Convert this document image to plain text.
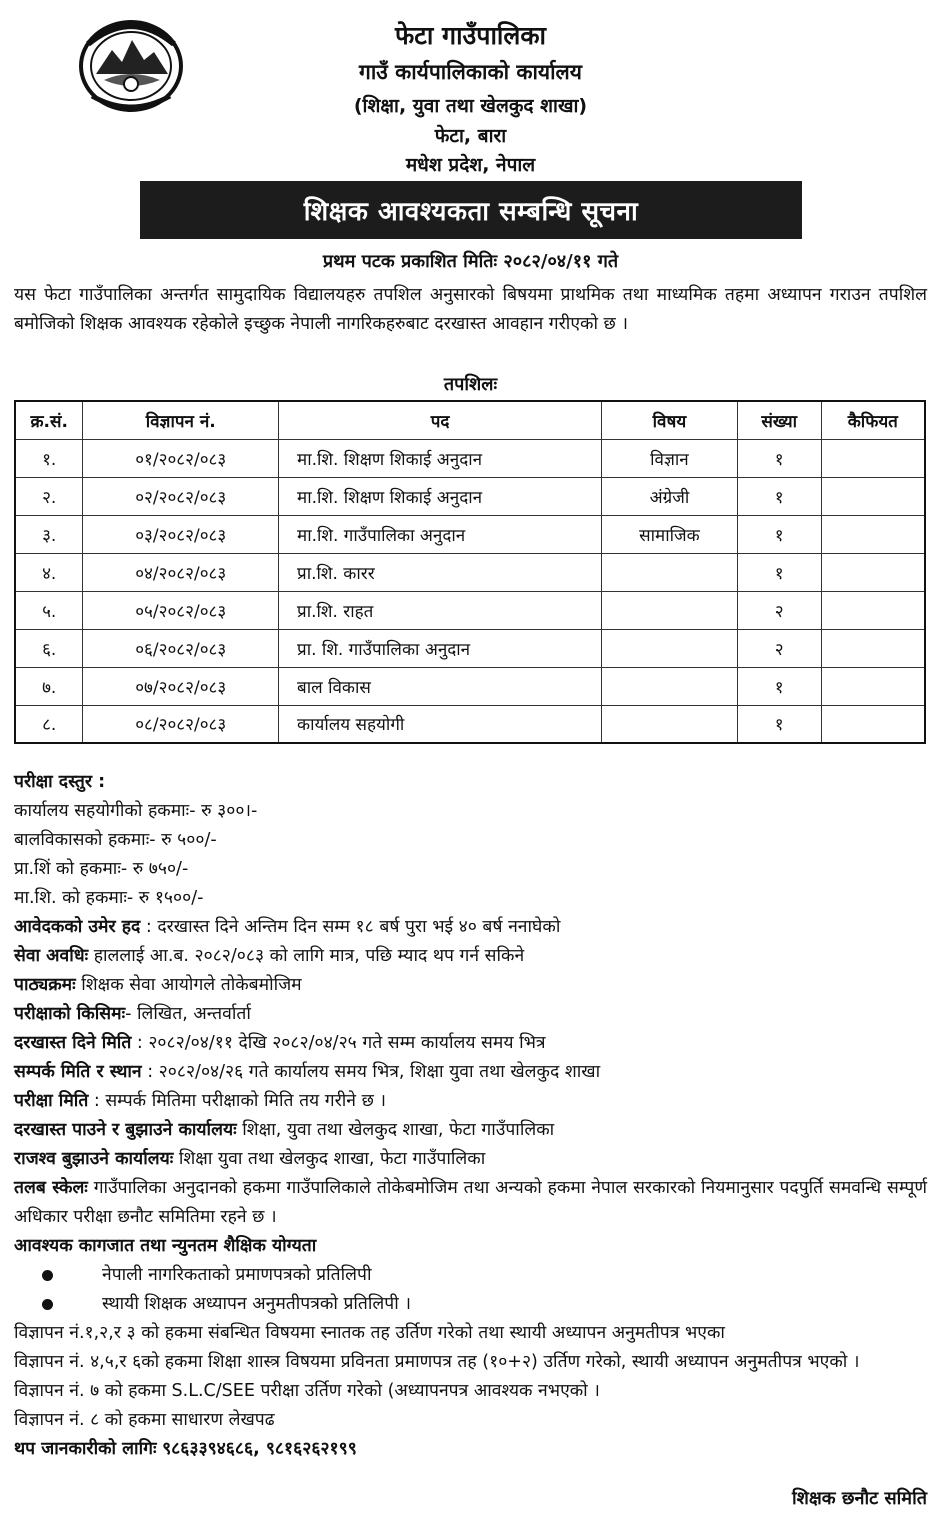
फेटा गाउँपालिका
गाउँ कार्यपालिकाको कार्यालय
(शिक्षा, युवा तथा खेलकुद शाखा)
फेटा, बारा
मधेश प्रदेश, नेपाल
शिक्षक आवश्यकता सम्बन्धि सूचना
प्रथम पटक प्रकाशित मितिः २०८२/०४/११ गते
यस फेटा गाउँपालिका अन्तर्गत सामुदायिक विद्यालयहरु तपशिल अनुसारको बिषयमा प्राथमिक तथा माध्यमिक तहमा अध्यापन गराउन तपशिल बमोजिको शिक्षक आवश्यक रहेकोले इच्छुक नेपाली नागरिकहरुबाट दरखास्त आवहान गरीएको छ ।
तपशिलः
क्र.सं.	विज्ञापन नं.	पद	विषय	संख्या	कैफियत
१.	०१/२०८२/०८३	मा.शि. शिक्षण शिकाई अनुदान	विज्ञान	१	
२.	०२/२०८२/०८३	मा.शि. शिक्षण शिकाई अनुदान	अंग्रेजी	१	
३.	०३/२०८२/०८३	मा.शि. गाउँपालिका अनुदान	सामाजिक	१	
४.	०४/२०८२/०८३	प्रा.शि. कारर		१	
५.	०५/२०८२/०८३	प्रा.शि. राहत		२	
६.	०६/२०८२/०८३	प्रा. शि. गाउँपालिका अनुदान		२	
७.	०७/२०८२/०८३	बाल विकास		१	
८.	०८/२०८२/०८३	कार्यालय सहयोगी		१	
परीक्षा दस्तुर :
कार्यालय सहयोगीको हकमाः- रु ३००।-
बालविकासको हकमाः- रु ५००/-
प्रा.शिं को हकमाः- रु ७५०/-
मा.शि. को हकमाः- रु १५००/-
आवेदकको उमेर हद : दरखास्त दिने अन्तिम दिन सम्म १८ बर्ष पुरा भई ४० बर्ष ननाघेको
सेवा अवधिः हाललाई आ.ब. २०८२/०८३ को लागि मात्र, पछि म्याद थप गर्न सकिने
पाठ्यक्रमः शिक्षक सेवा आयोगले तोकेबमोजिम
परीक्षाको किसिमः- लिखित, अन्तर्वार्ता
दरखास्त दिने मिति : २०८२/०४/११ देखि २०८२/०४/२५ गते सम्म कार्यालय समय भित्र
सम्पर्क मिति र स्थान : २०८२/०४/२६ गते कार्यालय समय भित्र, शिक्षा युवा तथा खेलकुद शाखा
परीक्षा मिति : सम्पर्क मितिमा परीक्षाको मिति तय गरीने छ ।
दरखास्त पाउने र बुझाउने कार्यालयः शिक्षा, युवा तथा खेलकुद शाखा, फेटा गाउँपालिका
राजश्व बुझाउने कार्यालयः शिक्षा युवा तथा खेलकुद शाखा, फेटा गाउँपालिका
तलब स्केलः गाउँपालिका अनुदानको हकमा गाउँपालिकाले तोकेबमोजिम तथा अन्यको हकमा नेपाल सरकारको नियमानुसार पदपुर्ति समवन्धि सम्पूर्ण अधिकार परीक्षा छनौट समितिमा रहने छ ।
आवश्यक कागजात तथा न्युनतम शैक्षिक योग्यता
नेपाली नागरिकताको प्रमाणपत्रको प्रतिलिपी
स्थायी शिक्षक अध्यापन अनुमतीपत्रको प्रतिलिपी ।
विज्ञापन नं.१,२,र ३ को हकमा संबन्धित विषयमा स्नातक तह उर्तिण गरेको तथा स्थायी अध्यापन अनुमतीपत्र भएका
विज्ञापन नं. ४,५,र ६को हकमा शिक्षा शास्त्र विषयमा प्रविनता प्रमाणपत्र तह (१०+२) उर्तिण गरेको, स्थायी अध्यापन अनुमतीपत्र भएको ।
विज्ञापन नं. ७ को हकमा S.L.C/SEE परीक्षा उर्तिण गरेको (अध्यापनपत्र आवश्यक नभएको ।
विज्ञापन नं. ८ को हकमा साधारण लेखपढ
थप जानकारीको लागिः ९८६३३९४६८६, ९८१६२६२१९९
शिक्षक छनौट समिति
